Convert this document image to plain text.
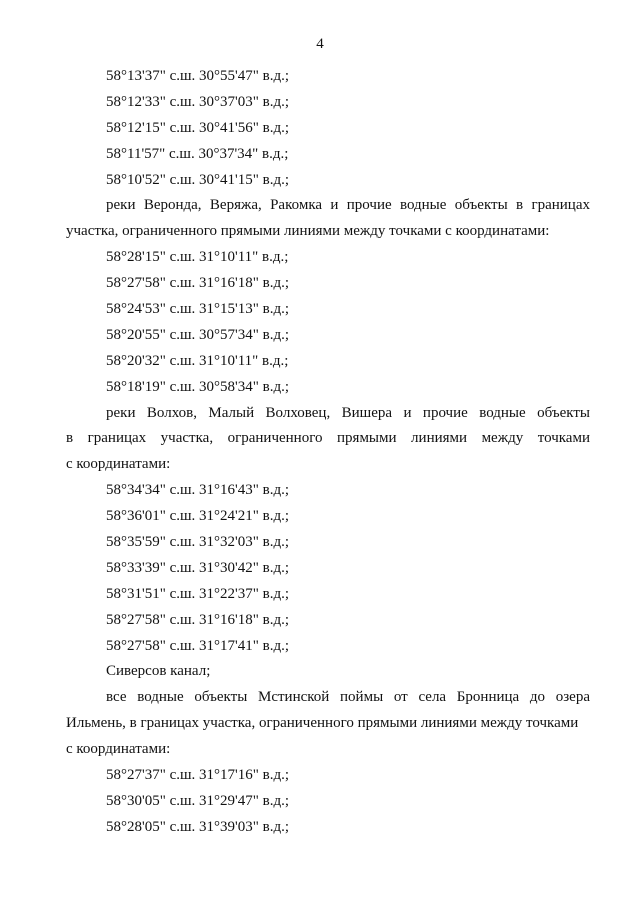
4
58°13'37" с.ш. 30°55'47" в.д.;
58°12'33" с.ш. 30°37'03" в.д.;
58°12'15" с.ш. 30°41'56" в.д.;
58°11'57" с.ш. 30°37'34" в.д.;
58°10'52" с.ш. 30°41'15" в.д.;
реки Веронда, Веряжа, Ракомка и прочие водные объекты в границах
участка, ограниченного прямыми линиями между точками с координатами:
58°28'15" с.ш. 31°10'11" в.д.;
58°27'58" с.ш. 31°16'18" в.д.;
58°24'53" с.ш. 31°15'13" в.д.;
58°20'55" с.ш. 30°57'34" в.д.;
58°20'32" с.ш. 31°10'11" в.д.;
58°18'19" с.ш. 30°58'34" в.д.;
реки Волхов, Малый Волховец, Вишера и прочие водные объекты
в границах участка, ограниченного прямыми линиями между точками
с координатами:
58°34'34" с.ш. 31°16'43" в.д.;
58°36'01" с.ш. 31°24'21" в.д.;
58°35'59" с.ш. 31°32'03" в.д.;
58°33'39" с.ш. 31°30'42" в.д.;
58°31'51" с.ш. 31°22'37" в.д.;
58°27'58" с.ш. 31°16'18" в.д.;
58°27'58" с.ш. 31°17'41" в.д.;
Сиверсов канал;
все водные объекты Мстинской поймы от села Бронница до озера
Ильмень, в границах участка, ограниченного прямыми линиями между точками
с координатами:
58°27'37" с.ш. 31°17'16" в.д.;
58°30'05" с.ш. 31°29'47" в.д.;
58°28'05" с.ш. 31°39'03" в.д.;
